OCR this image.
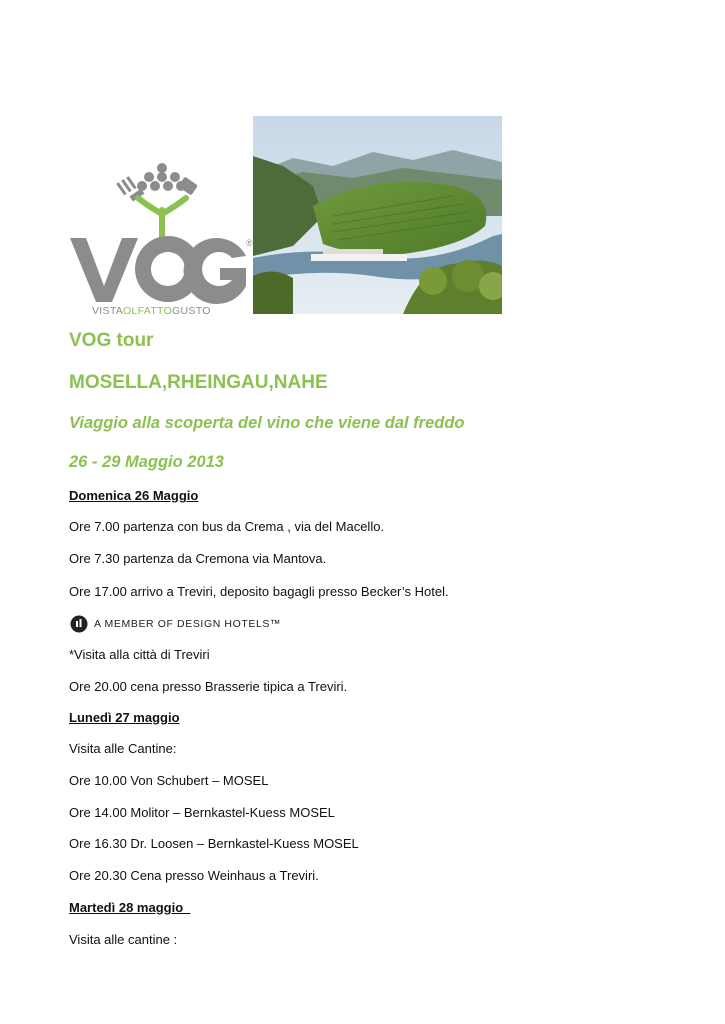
®
VISTAOLFATTOGUSTO
VOG tour
MOSELLA,RHEINGAU,NAHE
Viaggio alla scoperta del vino che viene dal freddo
26 - 29 Maggio 2013
Domenica 26 Maggio
Ore 7.00 partenza con bus da Crema , via del Macello.
Ore 7.30 partenza da Cremona via Mantova.
Ore 17.00 arrivo a Treviri, deposito bagagli presso Becker’s Hotel.
A MEMBER OF DESIGN HOTELS™
*Visita alla città di Treviri
Ore 20.00 cena presso Brasserie tipica a Treviri.
Lunedì 27 maggio
Visita alle Cantine:
Ore 10.00 Von Schubert – MOSEL
Ore 14.00 Molitor – Bernkastel-Kuess MOSEL
Ore 16.30 Dr. Loosen – Bernkastel-Kuess MOSEL
Ore 20.30 Cena presso Weinhaus a Treviri.
Martedì 28 maggio
Visita alle cantine :
